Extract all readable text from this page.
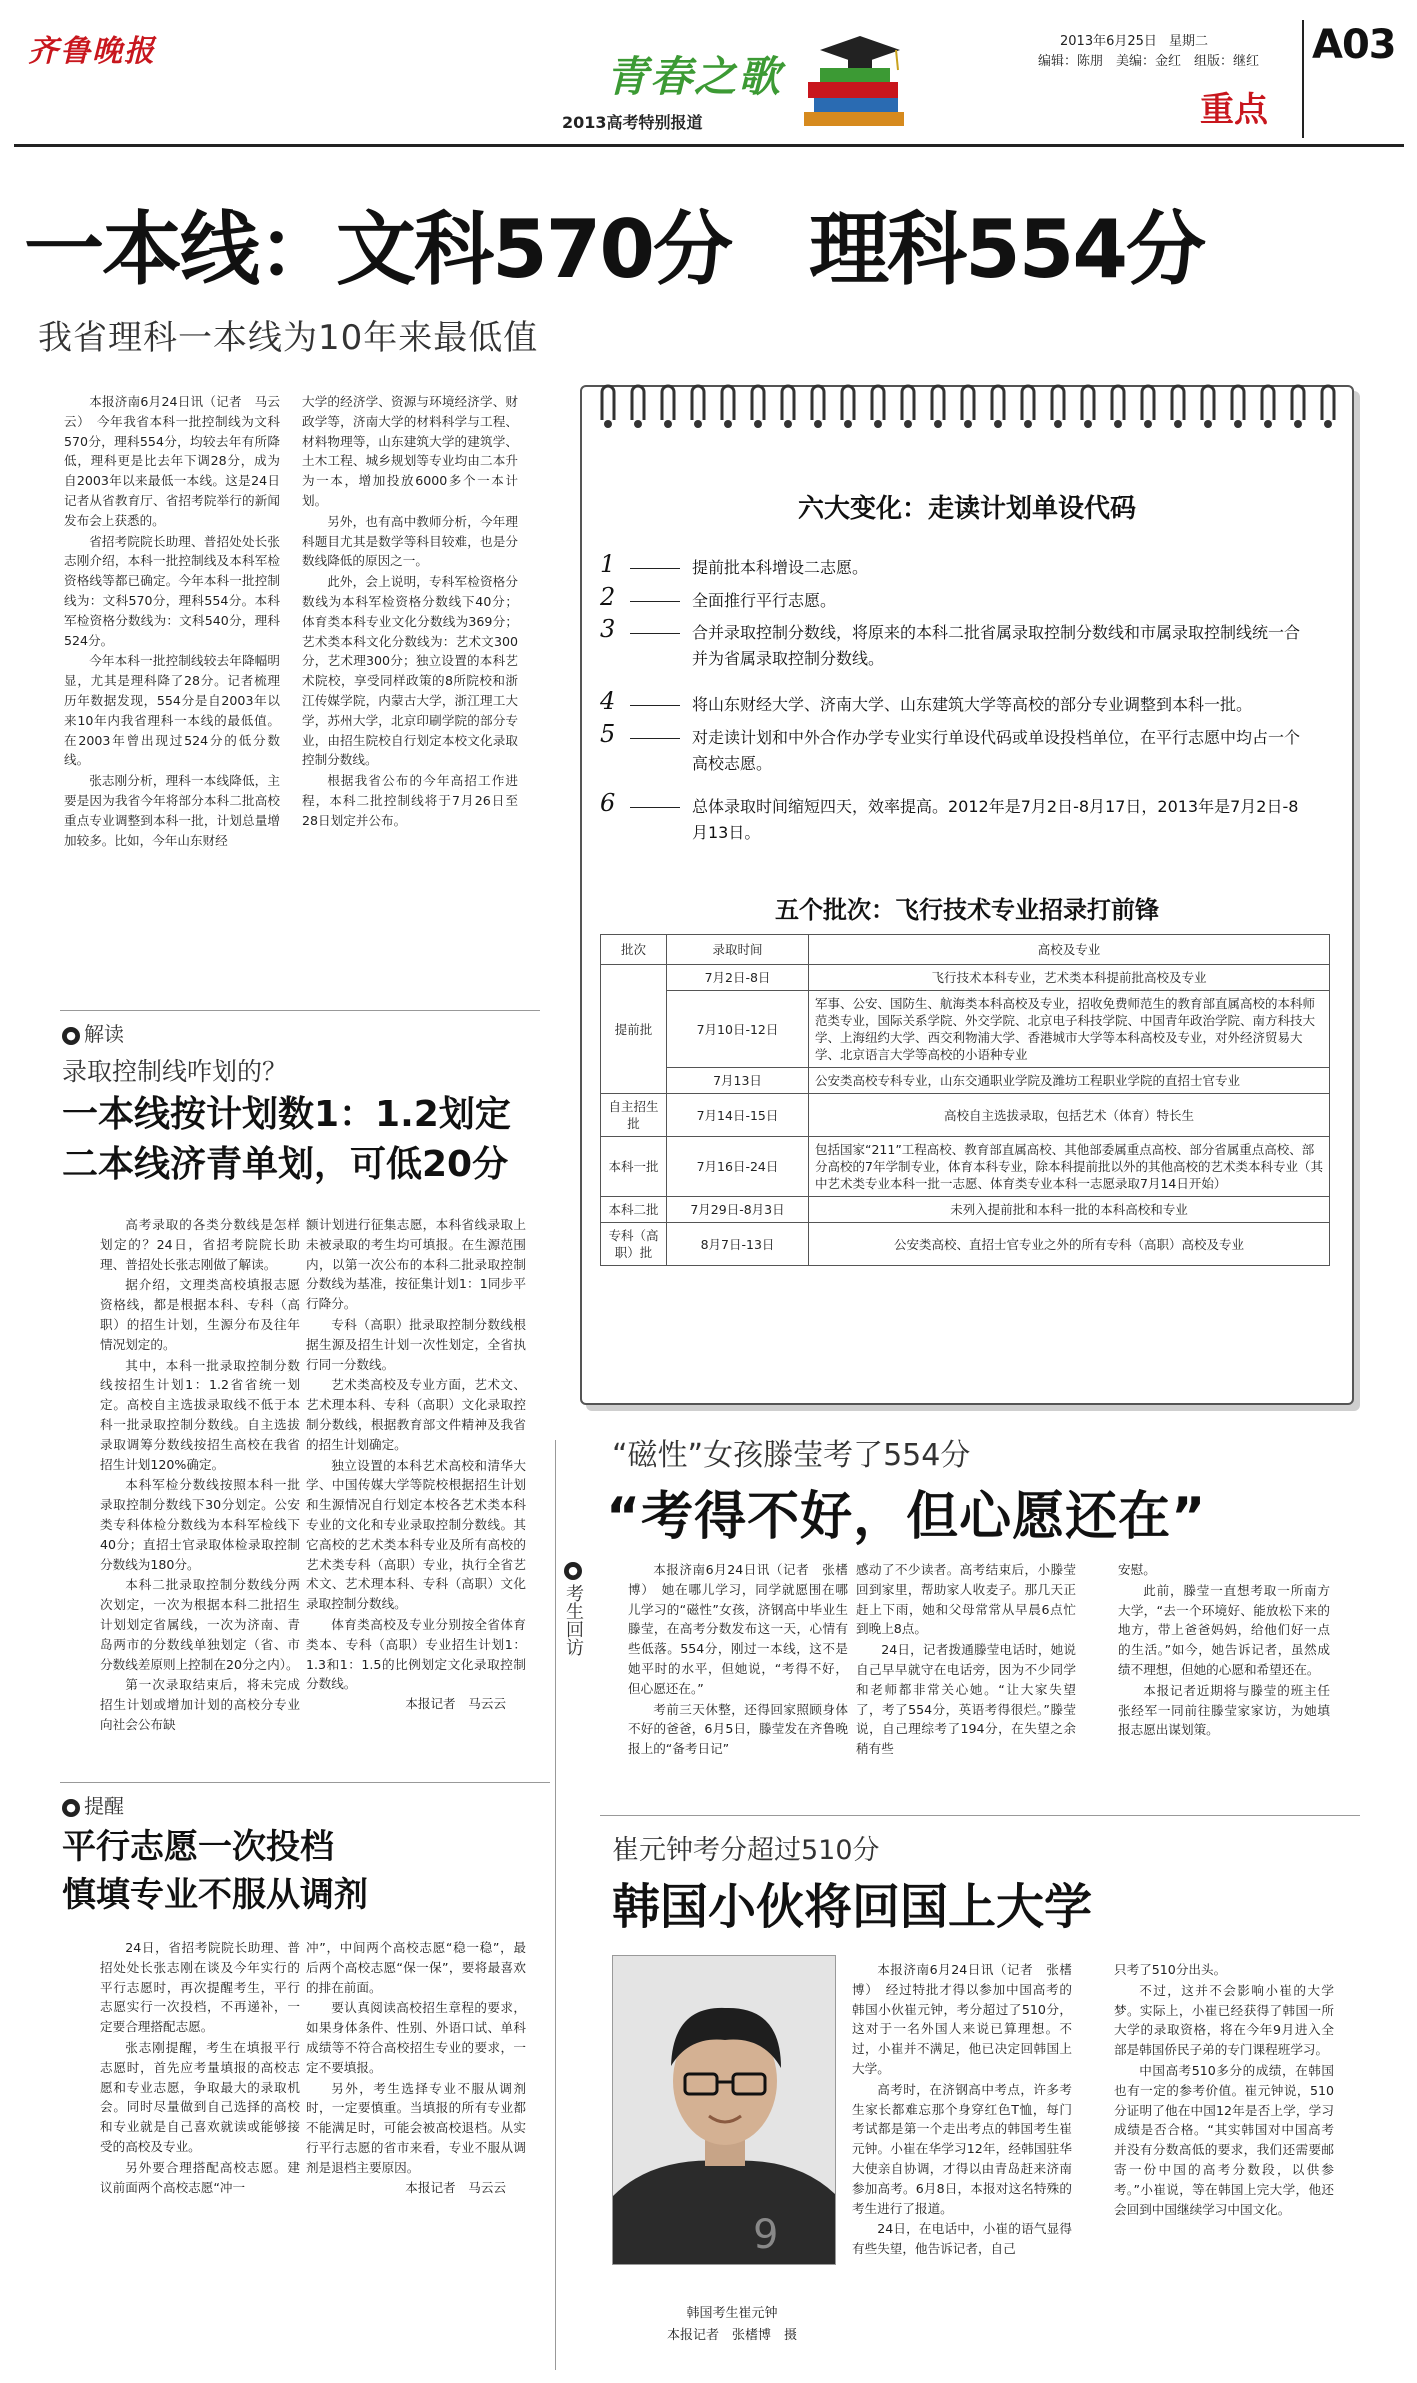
齐鲁晚报
青春之歌
2013高考特别报道
2013年6月25日 星期二
编辑：陈朋　美编：金红　组版：继红
重点
A03
一本线：文科570分　理科554分
我省理科一本线为10年来最低值

本报济南6月24日讯（记者　马云云）　今年我省本科一批控制线为文科570分，理科554分，均较去年有所降低，理科更是比去年下调28分，成为自2003年以来最低一本线。这是24日记者从省教育厅、省招考院举行的新闻发布会上获悉的。

省招考院院长助理、普招处处长张志刚介绍，本科一批控制线及本科军检资格线等都已确定。今年本科一批控制线为：文科570分，理科554分。本科军检资格分数线为：文科540分，理科524分。

今年本科一批控制线较去年降幅明显，尤其是理科降了28分。记者梳理历年数据发现，554分是自2003年以来10年内我省理科一本线的最低值。在2003年曾出现过524分的低分数线。

张志刚分析，理科一本线降低，主要是因为我省今年将部分本科二批高校重点专业调整到本科一批，计划总量增加较多。比如，今年山东财经

大学的经济学、资源与环境经济学、财政学等，济南大学的材料科学与工程、材料物理等，山东建筑大学的建筑学、土木工程、城乡规划等专业均由二本升为一本，增加投放6000多个一本计划。

另外，也有高中教师分析，今年理科题目尤其是数学等科目较难，也是分数线降低的原因之一。

此外，会上说明，专科军检资格分数线为本科军检资格分数线下40分；体育类本科专业文化分数线为369分；艺术类本科文化分数线为：艺术文300分，艺术理300分；独立设置的本科艺术院校，享受同样政策的8所院校和浙江传媒学院，内蒙古大学，浙江理工大学，苏州大学，北京印刷学院的部分专业，由招生院校自行划定本校文化录取控制分数线。

根据我省公布的今年高招工作进程，本科二批控制线将于7月26日至28日划定并公布。

六大变化：走读计划单设代码
1	提前批本科增设二志愿。
2	全面推行平行志愿。
3	合并录取控制分数线，将原来的本科二批省属录取控制分数线和市属录取控制线统一合并为省属录取控制分数线。
4	将山东财经大学、济南大学、山东建筑大学等高校的部分专业调整到本科一批。
5	对走读计划和中外合作办学专业实行单设代码或单设投档单位，在平行志愿中均占一个高校志愿。
6	总体录取时间缩短四天，效率提高。2012年是7月2日-8月17日，2013年是7月2日-8月13日。
五个批次：飞行技术专业招录打前锋
批次	录取时间	高校及专业
提前批	7月2日-8日	飞行技术本科专业，艺术类本科提前批高校及专业
	7月10日-12日	军事、公安、国防生、航海类本科高校及专业，招收免费师范生的教育部直属高校的本科师范类专业，国际关系学院、外交学院、北京电子科技学院、中国青年政治学院、南方科技大学、上海纽约大学、西交利物浦大学、香港城市大学等本科高校及专业，对外经济贸易大学、北京语言大学等高校的小语种专业
	7月13日	公安类高校专科专业，山东交通职业学院及潍坊工程职业学院的直招士官专业
自主招生批	7月14日-15日	高校自主选拔录取，包括艺术（体育）特长生
本科一批	7月16日-24日	包括国家“211”工程高校、教育部直属高校、其他部委属重点高校、部分省属重点高校、部分高校的7年学制专业，体育本科专业，除本科提前批以外的其他高校的艺术类本科专业（其中艺术类专业本科一批一志愿、体育类专业本科一志愿录取7月14日开始）
本科二批	7月29日-8月3日	未列入提前批和本科一批的本科高校和专业
专科（高职）批	8月7日-13日	公安类高校、直招士官专业之外的所有专科（高职）高校及专业
● 解读
录取控制线咋划的？
一本线按计划数1：1.2划定
二本线济青单划，可低20分

高考录取的各类分数线是怎样划定的？24日，省招考院院长助理、普招处长张志刚做了解读。

据介绍，文理类高校填报志愿资格线，都是根据本科、专科（高职）的招生计划，生源分布及往年情况划定的。

其中，本科一批录取控制分数线按招生计划1：1.2省省统一划定。高校自主选拔录取线不低于本科一批录取控制分数线。自主选拔录取调筹分数线按招生高校在我省招生计划120%确定。

本科军检分数线按照本科一批录取控制分数线下30分划定。公安类专科体检分数线为本科军检线下40分；直招士官录取体检录取控制分数线为180分。

本科二批录取控制分数线分两次划定，一次为根据本科二批招生计划划定省属线，一次为济南、青岛两市的分数线单独划定（省、市分数线差原则上控制在20分之内）。

第一次录取结束后，将未完成招生计划或增加计划的高校分专业向社会公布缺

额计划进行征集志愿，本科省线录取上未被录取的考生均可填报。在生源范围内，以第一次公布的本科二批录取控制分数线为基准，按征集计划1：1同步平行降分。

专科（高职）批录取控制分数线根据生源及招生计划一次性划定，全省执行同一分数线。

艺术类高校及专业方面，艺术文、艺术理本科、专科（高职）文化录取控制分数线，根据教育部文件精神及我省的招生计划确定。

独立设置的本科艺术高校和清华大学、中国传媒大学等院校根据招生计划和生源情况自行划定本校各艺术类本科专业的文化和专业录取控制分数线。其它高校的艺术类本科专业及所有高校的艺术类专科（高职）专业，执行全省艺术文、艺术理本科、专科（高职）文化录取控制分数线。

体育类高校及专业分别按全省体育类本、专科（高职）专业招生计划1：1.3和1：1.5的比例划定文化录取控制分数线。

本报记者　马云云
● 提醒
平行志愿一次投档
慎填专业不服从调剂

24日，省招考院院长助理、普招处处长张志刚在谈及今年实行的平行志愿时，再次提醒考生，平行志愿实行一次投档，不再递补，一定要合理搭配志愿。

张志刚提醒，考生在填报平行志愿时，首先应考量填报的高校志愿和专业志愿，争取最大的录取机会。同时尽量做到自己选择的高校和专业就是自己喜欢就读或能够接受的高校及专业。

另外要合理搭配高校志愿。建议前面两个高校志愿“冲一

冲”，中间两个高校志愿“稳一稳”，最后两个高校志愿“保一保”，要将最喜欢的排在前面。

要认真阅读高校招生章程的要求，如果身体条件、性别、外语口试、单科成绩等不符合高校招生专业的要求，一定不要填报。

另外，考生选择专业不服从调剂时，一定要慎重。当填报的所有专业都不能满足时，可能会被高校退档。从实行平行志愿的省市来看，专业不服从调剂是退档主要原因。

本报记者　马云云
●
考生回访
“磁性”女孩滕莹考了554分
“考得不好，但心愿还在”

本报济南6月24日讯（记者　张榰博）　她在哪儿学习，同学就愿围在哪儿学习的“磁性”女孩，济钢高中毕业生滕莹，在高考分数发布这一天，心情有些低落。554分，刚过一本线，这不是她平时的水平，但她说，“考得不好，但心愿还在。”

考前三天休整，还得回家照顾身体不好的爸爸，6月5日，滕莹发在齐鲁晚报上的“备考日记”

感动了不少读者。高考结束后，小滕莹回到家里，帮助家人收麦子。那几天正赶上下雨，她和父母常常从早晨6点忙到晚上8点。

24日，记者拨通滕莹电话时，她说自己早早就守在电话旁，因为不少同学和老师都非常关心她。“让大家失望了，考了554分，英语考得很烂。”滕莹说，自己理综考了194分，在失望之余稍有些

安慰。

此前，滕莹一直想考取一所南方大学，“去一个环境好、能放松下来的地方，带上爸爸妈妈，给他们好一点的生活。”如今，她告诉记者，虽然成绩不理想，但她的心愿和希望还在。

本报记者近期将与滕莹的班主任张经军一同前往滕莹家家访，为她填报志愿出谋划策。

崔元钟考分超过510分
韩国小伙将回国上大学
9
韩国考生崔元钟
本报记者　张榰博　摄

本报济南6月24日讯（记者　张榰博）　经过特批才得以参加中国高考的韩国小伙崔元钟，考分超过了510分，这对于一名外国人来说已算理想。不过，小崔并不满足，他已决定回韩国上大学。

高考时，在济钢高中考点，许多考生家长都难忘那个身穿红色T恤，每门考试都是第一个走出考点的韩国考生崔元钟。小崔在华学习12年，经韩国驻华大使亲自协调，才得以由青岛赶来济南参加高考。6月8日，本报对这名特殊的考生进行了报道。

24日，在电话中，小崔的语气显得有些失望，他告诉记者，自己

只考了510分出头。

不过，这并不会影响小崔的大学梦。实际上，小崔已经获得了韩国一所大学的录取资格，将在今年9月进入全部是韩国侨民子弟的专门课程班学习。

中国高考510多分的成绩，在韩国也有一定的参考价值。崔元钟说，510分证明了他在中国12年是否上学，学习成绩是否合格。“其实韩国对中国高考并没有分数高低的要求，我们还需要邮寄一份中国的高考分数段，以供参考。”小崔说，等在韩国上完大学，他还会回到中国继续学习中国文化。
